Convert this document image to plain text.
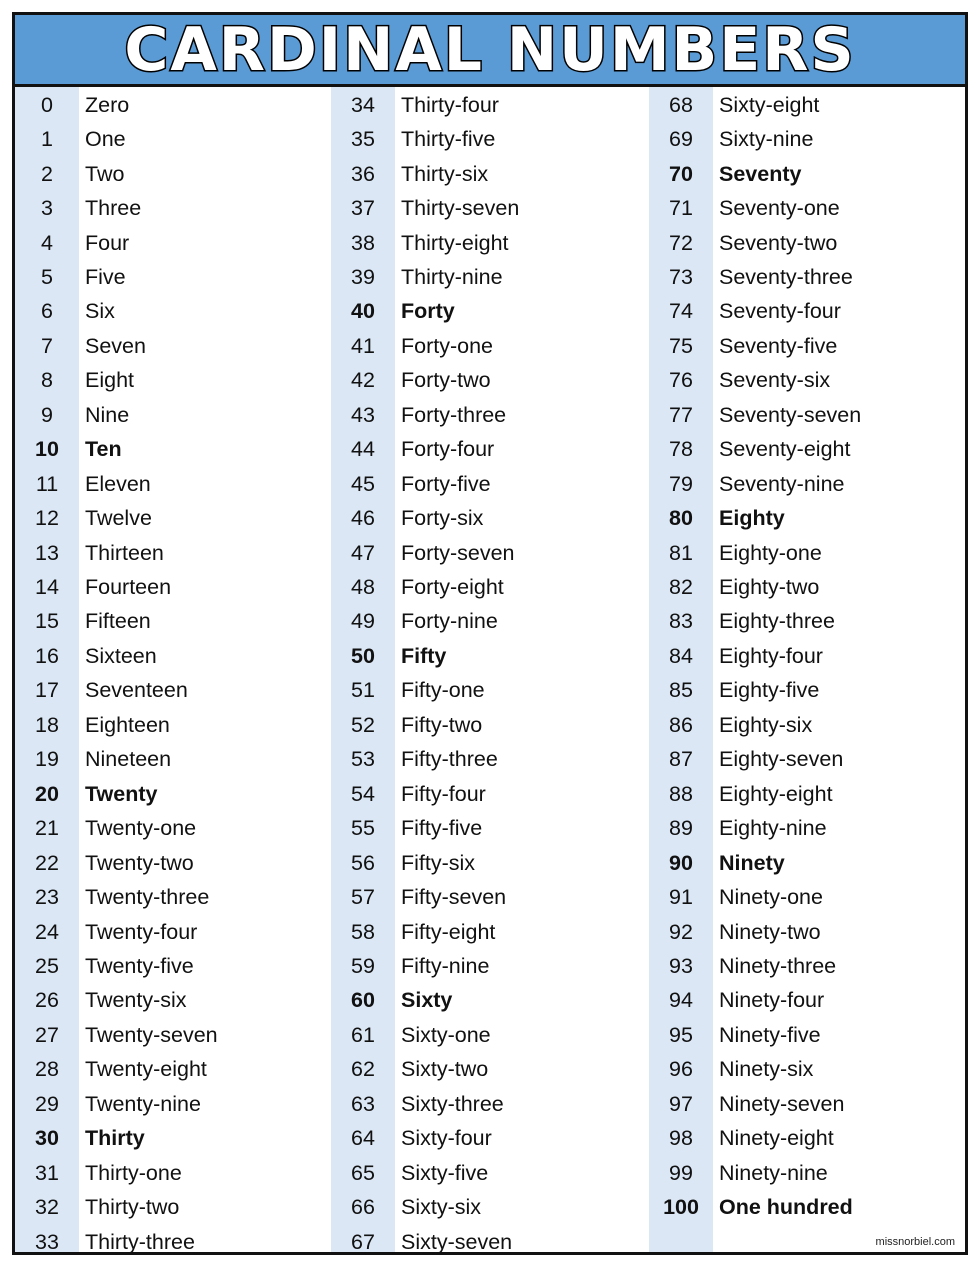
CARDINAL NUMBERS
0	Zero
1	One
2	Two
3	Three
4	Four
5	Five
6	Six
7	Seven
8	Eight
9	Nine
10	Ten
11	Eleven
12	Twelve
13	Thirteen
14	Fourteen
15	Fifteen
16	Sixteen
17	Seventeen
18	Eighteen
19	Nineteen
20	Twenty
21	Twenty-one
22	Twenty-two
23	Twenty-three
24	Twenty-four
25	Twenty-five
26	Twenty-six
27	Twenty-seven
28	Twenty-eight
29	Twenty-nine
30	Thirty
31	Thirty-one
32	Thirty-two
33	Thirty-three
34	Thirty-four
35	Thirty-five
36	Thirty-six
37	Thirty-seven
38	Thirty-eight
39	Thirty-nine
40	Forty
41	Forty-one
42	Forty-two
43	Forty-three
44	Forty-four
45	Forty-five
46	Forty-six
47	Forty-seven
48	Forty-eight
49	Forty-nine
50	Fifty
51	Fifty-one
52	Fifty-two
53	Fifty-three
54	Fifty-four
55	Fifty-five
56	Fifty-six
57	Fifty-seven
58	Fifty-eight
59	Fifty-nine
60	Sixty
61	Sixty-one
62	Sixty-two
63	Sixty-three
64	Sixty-four
65	Sixty-five
66	Sixty-six
67	Sixty-seven
68	Sixty-eight
69	Sixty-nine
70	Seventy
71	Seventy-one
72	Seventy-two
73	Seventy-three
74	Seventy-four
75	Seventy-five
76	Seventy-six
77	Seventy-seven
78	Seventy-eight
79	Seventy-nine
80	Eighty
81	Eighty-one
82	Eighty-two
83	Eighty-three
84	Eighty-four
85	Eighty-five
86	Eighty-six
87	Eighty-seven
88	Eighty-eight
89	Eighty-nine
90	Ninety
91	Ninety-one
92	Ninety-two
93	Ninety-three
94	Ninety-four
95	Ninety-five
96	Ninety-six
97	Ninety-seven
98	Ninety-eight
99	Ninety-nine
100 One hundred
missnorbiel.com
